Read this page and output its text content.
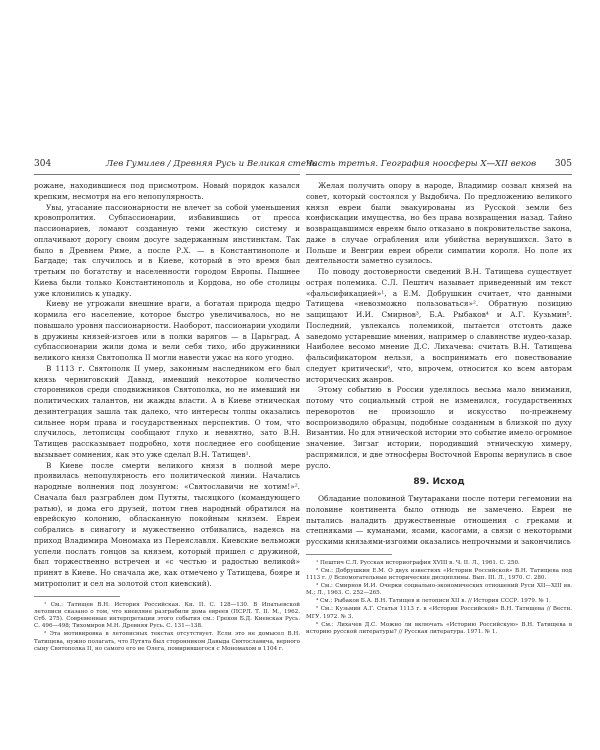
304	Лев Гумилев / Древняя Русь и Великая степь

рожане, находившиеся под присмотром. Новый порядок казался крепким, несмотря на его непопулярность.

Увы, угасание пассионарности не влечет за собой уменьшения кровопролития. Субпассионарии, избавившись от пресса пассионариев, ломают созданную теми жесткую систему и оплачивают дорогу своим досуге задержанным инстинктам. Так было в Древнем Риме, а после Р.Х. — в Константинополе и Багдаде; так случилось и в Киеве, который в это время был третьим по богатству и населенности городом Европы. Пышнее Киева были только Константинополь и Кордова, но обе столицы уже клонились к упадку.

Киеву не угрожали внешние враги, а богатая природа щедро кормила его население, которое быстро увеличивалось, но не повышало уровня пассионарности. Наоборот, пассионарии уходили в дружины князей-изгоев или в полки варягов — в Царьград. А субпассионарии жили дома и вели себя тихо, ибо дружинники великого князя Святополка II могли навести ужас на кого угодно.

В 1113 г. Святополк II умер, законным наследником его был князь черниговский Давыд, имевший некоторое количество сторонников среди сподвижников Святополка, но не имевший ни политических талантов, ни жажды власти. А в Киеве этническая дезинтеграция зашла так далеко, что интересы толпы оказались сильнее норм права и государственных перспектив. О том, что случилось, летописцы сообщают глухо и невнятно, зато В.Н. Татищев рассказывает подробно, хотя последнее его сообщение вызывает сомнения, как это уже сделал В.Н. Татищев¹.

В Киеве после смерти великого князя в полной мере проявилась непопулярность его политической линии. Начались народные волнения под лозунгом: «Святославичи не хотим!»². Сначала был разграблен дом Путяты, тысяцкого (командующего ратью), и дома его друзей, потом гнев народный обратился на еврейскую колонию, обласканную покойным князем. Евреи собрались в синагогу и мужественно отбивались, надеясь на приход Владимира Мономаха из Переяславля. Киевские вельможи успели послать гонцов за князем, который пришел с дружиной, был торжественно встречен и «с честью и радостью великой» принят в Киеве. Но сначала же, как отмечено у Татищева, бояре и митрополит и сел на золотой стол киевский).

¹ См.: Татищев В.Н. История Российская. Кн. II. С. 128—130. В Ипатьевской летописи сказано о том, что киевляне разграбили дома евреев (ПСРЛ. Т. II. М., 1962. Стб. 275). Современные интерпретации этого события см.: Греков Б.Д. Киевская Русь. С. 496—498; Тихомиров М.Н. Древняя Русь. С. 131—138.

² Эта мотивировка в летописных текстах отсутствует. Если это не домысел В.Н. Татищева, нужно полагать, что Путята был сторонником Давыда Святославича, верного сыну Святополка II, но самого его не Олега, помирившегося с Мономахом в 1104 г.

Часть третья. География ноосферы X—XII веков 305

Желая получить опору в народе, Владимир созвал князей на совет, который состоялся у Выдобича. По предложению великого князя евреи были эвакуированы из Русской земли без конфискации имущества, но без права возвращения назад. Тайно возвращавшимся евреям было отказано в покровительстве закона, даже в случае ограбления или убийства вернувшихся. Зато в Польше и Венгрии евреи обрели симпатии короля. Но поле их деятельности заметно сузилось.

По поводу достоверности сведений В.Н. Татищева существует острая полемика. С.Л. Пештич называет приведенный им текст «фальсификацией»¹, а Е.М. Добрушкин считает, что данными Татищева «невозможно пользоваться»². Обратную позицию защищают И.И. Смирнов³, Б.А. Рыбаков⁴ и А.Г. Кузьмин⁵. Последний, увлекаясь полемикой, пытается отстоять даже заведомо устаревшие мнения, например о славянстве иудео-хазар. Наиболее весомо мнение Д.С. Лихачева: считать В.Н. Татищева фальсификатором нельзя, а воспринимать его повествование следует критически⁶, что, впрочем, относится ко всем авторам исторических жанров.

Этому событию в России уделялось весьма мало внимания, потому что социальный строй не изменился, государственных переворотов не произошло и искусство по-прежнему воспроизводило образцы, подобные созданным в близкой по духу Византии. Но для этнической истории это событие имело огромное значение. Зигзаг истории, породивший этническую химеру, распрямился, и две этносферы Восточной Европы вернулись в свое русло.

89. Исход

Обладание половиной Тмутаракани после потери гегемонии на половине континента было отнюдь не замечено. Евреи не пытались наладить дружественные отношения с греками и степняками — куманами, ясами, касогами, а связи с некоторыми русскими князьями-изгоями оказались непрочными и закончились

¹ Пештич С.Л. Русская историография XVIII в. Ч. II. Л., 1961. С. 250.

² См.: Добрушкин Е.М. О двух известиях «Истории Российской» В.Н. Татищева под 1113 г. // Вспомогательные исторические дисциплины. Вып. III. Л., 1970. С. 280.

³ См.: Смирнов И.И. Очерки социально-экономических отношений Руси XII—XIII вв. М.; Л., 1963. С. 252—265.

⁴ См.: Рыбаков Б.А. В.Н. Татищев и летописи XII в. // История СССР. 1979. № 1.

⁵ См.: Кузьмин А.Г. Статья 1113 г. в «Истории Российской» В.Н. Татищева // Вестн. МГУ. 1972. № 3.

⁶ См.: Лихачев Д.С. Можно ли включать «Историю Российскую» В.Н. Татищева в историю русской литературы? // Русская литература. 1971. № 1.
